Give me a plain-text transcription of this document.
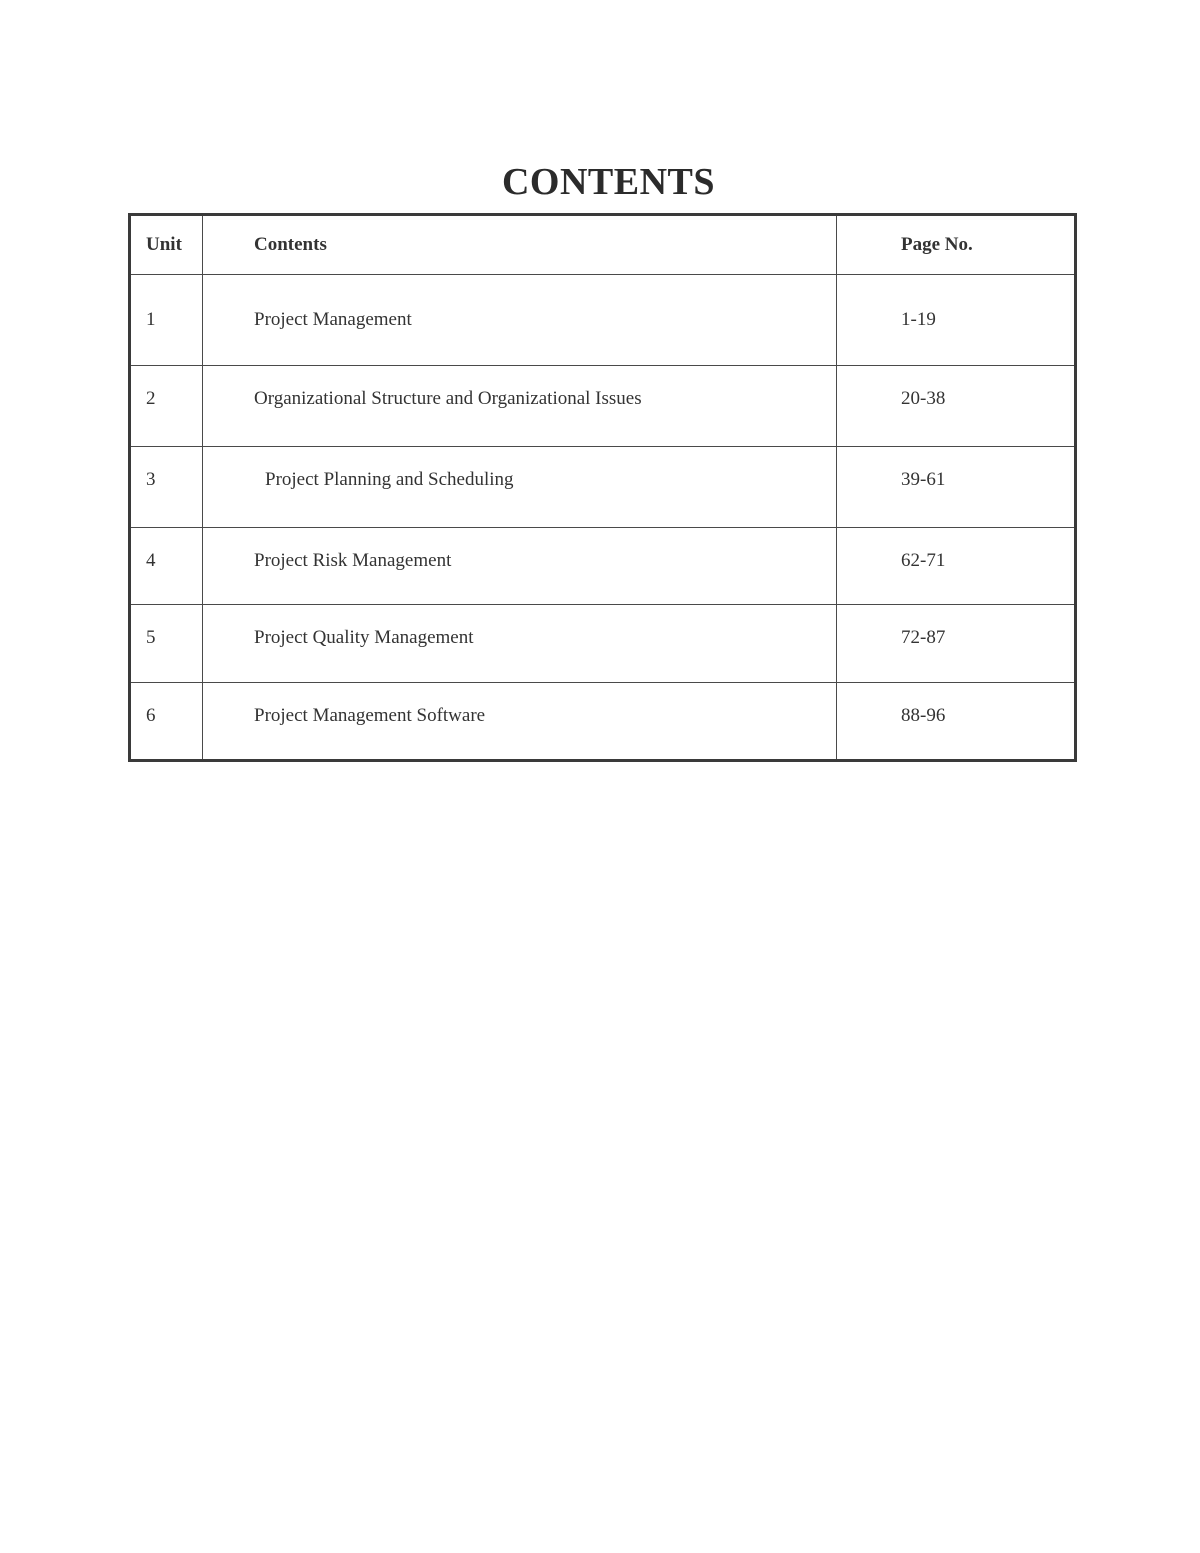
CONTENTS
Unit	Contents	Page No.
1	Project Management	1-19
2	Organizational Structure and Organizational Issues	20-38
3	Project Planning and Scheduling	39-61
4	Project Risk Management	62-71
5	Project Quality Management	72-87
6	Project Management Software	88-96
